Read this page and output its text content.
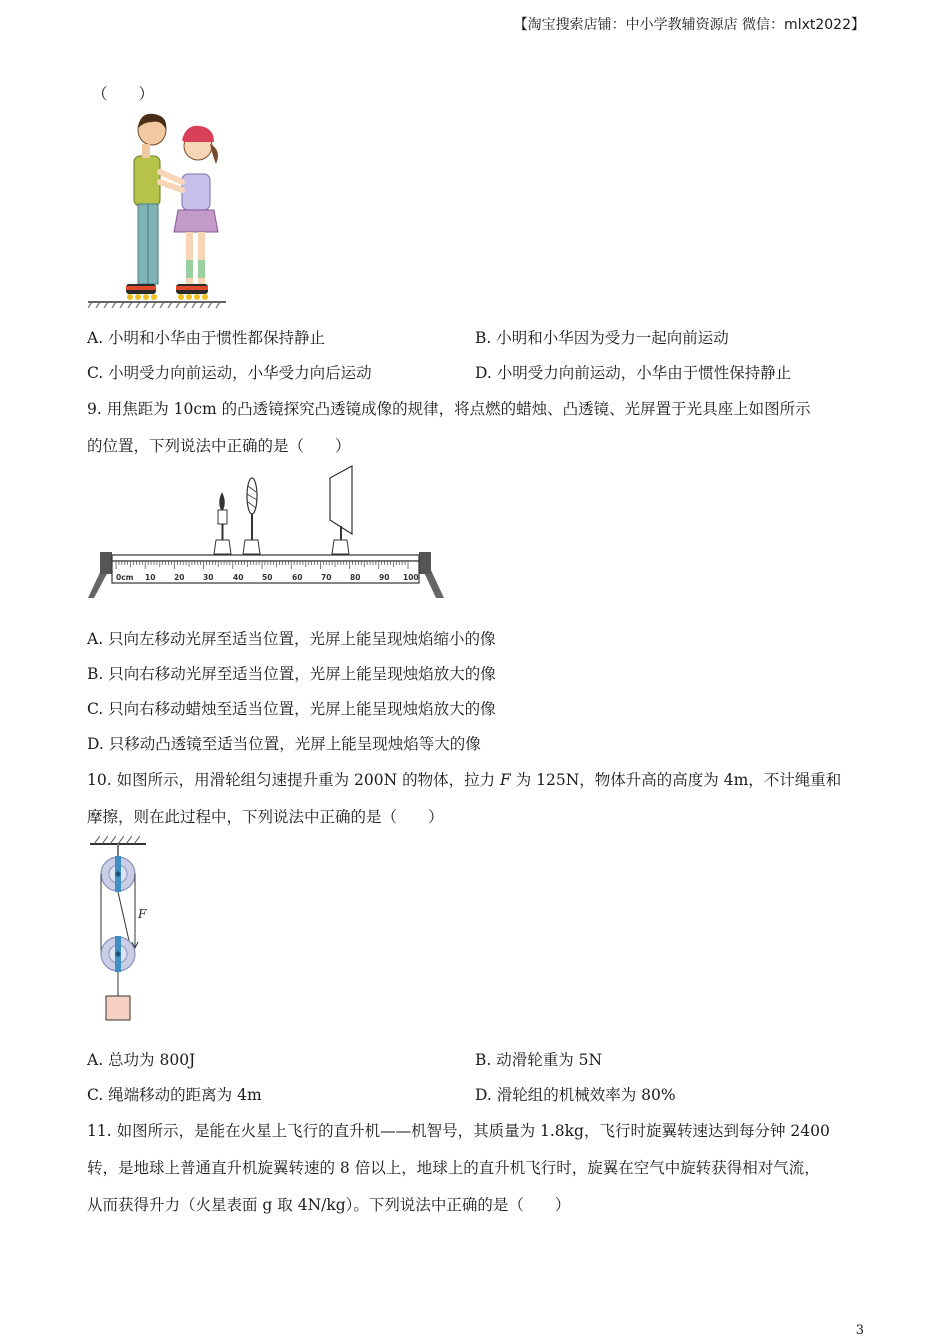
【淘宝搜索店铺：中小学教辅资源店 微信：mlxt2022】
（　　）
A. 小明和小华由于惯性都保持静止	B. 小明和小华因为受力一起向前运动
C. 小明受力向前运动，小华受力向后运动	D. 小明受力向前运动，小华由于惯性保持静止
9. 用焦距为 10cm 的凸透镜探究凸透镜成像的规律，将点燃的蜡烛、凸透镜、光屏置于光具座上如图所示
的位置，下列说法中正确的是（　　）
0cm 10 20 30	40 50	60 70 80 90 100
A. 只向左移动光屏至适当位置，光屏上能呈现烛焰缩小的像
B. 只向右移动光屏至适当位置，光屏上能呈现烛焰放大的像
C. 只向右移动蜡烛至适当位置，光屏上能呈现烛焰放大的像
D. 只移动凸透镜至适当位置，光屏上能呈现烛焰等大的像
10. 如图所示，用滑轮组匀速提升重为 200N 的物体，拉力 F 为 125N，物体升高的高度为 4m，不计绳重和
摩擦，则在此过程中，下列说法中正确的是（　　）
F
A. 总功为 800J	B. 动滑轮重为 5N
C. 绳端移动的距离为 4m	D. 滑轮组的机械效率为 80%
11. 如图所示，是能在火星上飞行的直升机——机智号，其质量为 1.8kg，飞行时旋翼转速达到每分钟 2400
转，是地球上普通直升机旋翼转速的 8 倍以上，地球上的直升机飞行时，旋翼在空气中旋转获得相对气流，
从而获得升力（火星表面 g 取 4N/kg）。下列说法中正确的是（　　）
3
